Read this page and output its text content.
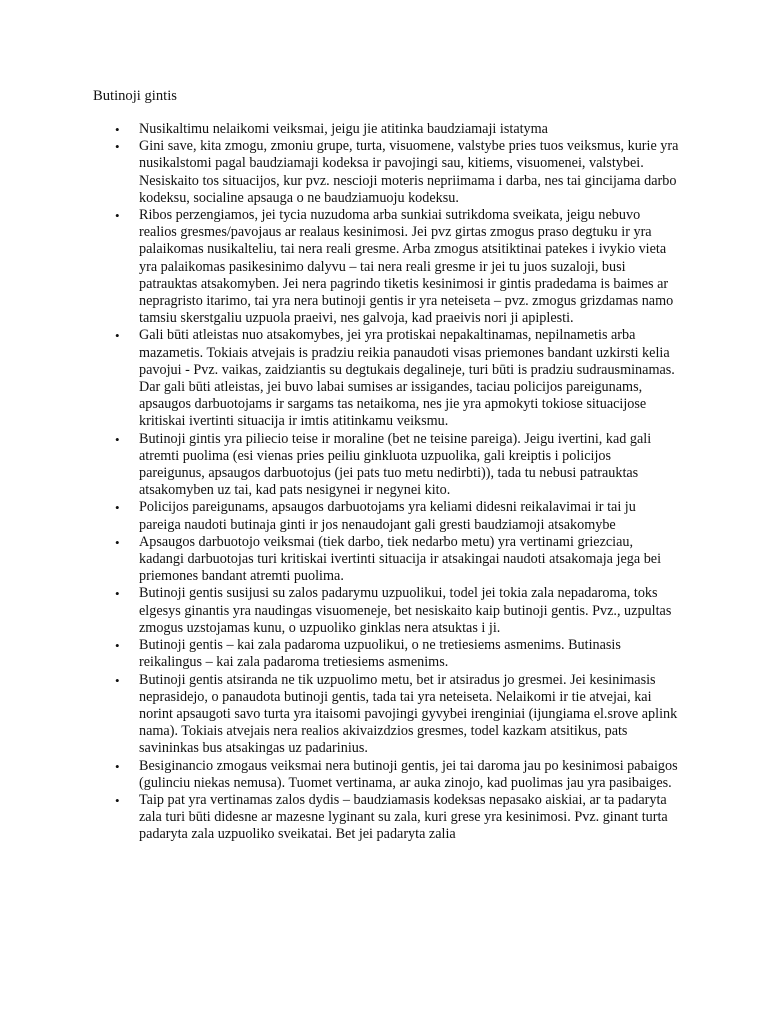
Butinoji gintis
• Nusikaltimu nelaikomi veiksmai, jeigu jie atitinka baudziamaji istatyma
• Gini save, kita zmogu, zmoniu grupe, turta, visuomene, valstybe pries tuos veiksmus, kurie yra nusikalstomi pagal baudziamaji kodeksa ir pavojingi sau, kitiems, visuomenei, valstybei. Nesiskaito tos situacijos, kur pvz. nescioji moteris nepriimama i darba, nes tai gincijama darbo kodeksu, socialine apsauga o ne baudziamuoju kodeksu.
• Ribos perzengiamos, jei tycia nuzudoma arba sunkiai sutrikdoma sveikata, jeigu nebuvo realios gresmes/pavojaus ar realaus kesinimosi. Jei pvz girtas zmogus praso degtuku ir yra palaikomas nusikalteliu, tai nera reali gresme. Arba zmogus atsitiktinai patekes i ivykio vieta yra palaikomas pasikesinimo dalyvu – tai nera reali gresme ir jei tu juos suzaloji, busi patrauktas atsakomyben. Jei nera pagrindo tiketis kesinimosi ir gintis pradedama is baimes ar nepragristo itarimo, tai yra nera butinoji gentis ir yra neteiseta – pvz. zmogus grizdamas namo tamsiu skerstgaliu uzpuola praeivi, nes galvoja, kad praeivis nori ji apiplesti.
• Gali būti atleistas nuo atsakomybes, jei yra protiskai nepakaltinamas, nepilnametis arba mazametis. Tokiais atvejais is pradziu reikia panaudoti visas priemones bandant uzkirsti kelia pavojui - Pvz. vaikas, zaidziantis su degtukais degalineje, turi būti is pradziu sudrausminamas. Dar gali būti atleistas, jei buvo labai sumises ar issigandes, taciau policijos pareigunams, apsaugos darbuotojams ir sargams tas netaikoma, nes jie yra apmokyti tokiose situacijose kritiskai ivertinti situacija ir imtis atitinkamu veiksmu.
• Butinoji gintis yra piliecio teise ir moraline (bet ne teisine pareiga). Jeigu ivertini, kad gali atremti puolima (esi vienas pries peiliu ginkluota uzpuolika, gali kreiptis i policijos pareigunus, apsaugos darbuotojus (jei pats tuo metu nedirbti)), tada tu nebusi patrauktas atsakomyben uz tai, kad pats nesigynei ir negynei kito.
• Policijos pareigunams, apsaugos darbuotojams yra keliami didesni reikalavimai ir tai ju pareiga naudoti butinaja ginti ir jos nenaudojant gali gresti baudziamoji atsakomybe
• Apsaugos darbuotojo veiksmai (tiek darbo, tiek nedarbo metu) yra vertinami griezciau, kadangi darbuotojas turi kritiskai ivertinti situacija ir atsakingai naudoti atsakomaja jega bei priemones bandant atremti puolima.
• Butinoji gentis susijusi su zalos padarymu uzpuolikui, todel jei tokia zala nepadaroma, toks elgesys ginantis yra naudingas visuomeneje, bet nesiskaito kaip butinoji gentis. Pvz., uzpultas zmogus uzstojamas kunu, o uzpuoliko ginklas nera atsuktas i ji.
• Butinoji gentis – kai zala padaroma uzpuolikui, o ne tretiesiems asmenims. Butinasis reikalingus – kai zala padaroma tretiesiems asmenims.
• Butinoji gentis atsiranda ne tik uzpuolimo metu, bet ir atsiradus jo gresmei. Jei kesinimasis neprasidejo, o panaudota butinoji gentis, tada tai yra neteiseta. Nelaikomi ir tie atvejai, kai norint apsaugoti savo turta yra itaisomi pavojingi gyvybei irenginiai (ijungiama el.srove aplink nama). Tokiais atvejais nera realios akivaizdzios gresmes, todel kazkam atsitikus, pats savininkas bus atsakingas uz padarinius.
• Besiginancio zmogaus veiksmai nera butinoji gentis, jei tai daroma jau po kesinimosi pabaigos (gulinciu niekas nemusa). Tuomet vertinama, ar auka zinojo, kad puolimas jau yra pasibaiges.
• Taip pat yra vertinamas zalos dydis – baudziamasis kodeksas nepasako aiskiai, ar ta padaryta zala turi būti didesne ar mazesne lyginant su zala, kuri grese yra kesinimosi. Pvz. ginant turta padaryta zala uzpuoliko sveikatai. Bet jei padaryta zalia
